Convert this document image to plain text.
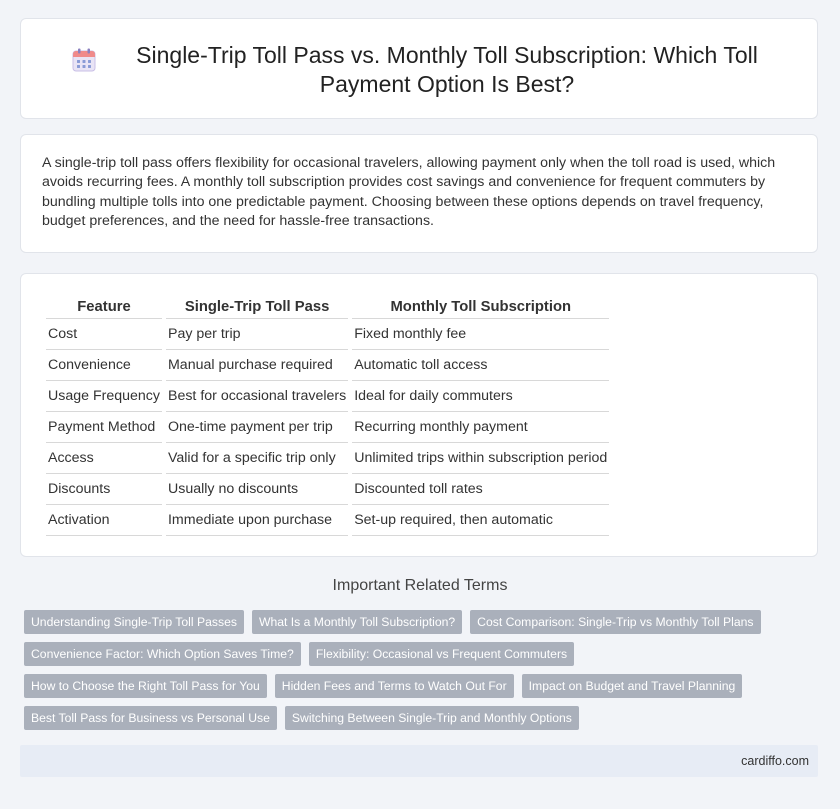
Single-Trip Toll Pass vs. Monthly Toll Subscription: Which Toll Payment Option Is Best?

A single-trip toll pass offers flexibility for occasional travelers, allowing payment only when the toll road is used, which avoids recurring fees. A monthly toll subscription provides cost savings and convenience for frequent commuters by bundling multiple tolls into one predictable payment. Choosing between these options depends on travel frequency, budget preferences, and the need for hassle-free transactions.

Feature	Single-Trip Toll Pass	Monthly Toll Subscription
Cost	Pay per trip	Fixed monthly fee
Convenience	Manual purchase required	Automatic toll access
Usage Frequency	Best for occasional travelers	Ideal for daily commuters
Payment Method	One-time payment per trip	Recurring monthly payment
Access	Valid for a specific trip only	Unlimited trips within subscription period
Discounts	Usually no discounts	Discounted toll rates
Activation	Immediate upon purchase	Set-up required, then automatic
Important Related Terms
Understanding Single-Trip Toll Passes	What Is a Monthly Toll Subscription?	Cost Comparison: Single-Trip vs Monthly Toll Plans
Convenience Factor: Which Option Saves Time?	Flexibility: Occasional vs Frequent Commuters
How to Choose the Right Toll Pass for You	Hidden Fees and Terms to Watch Out For	Impact on Budget and Travel Planning
Best Toll Pass for Business vs Personal Use	Switching Between Single-Trip and Monthly Options
cardiffo.com
